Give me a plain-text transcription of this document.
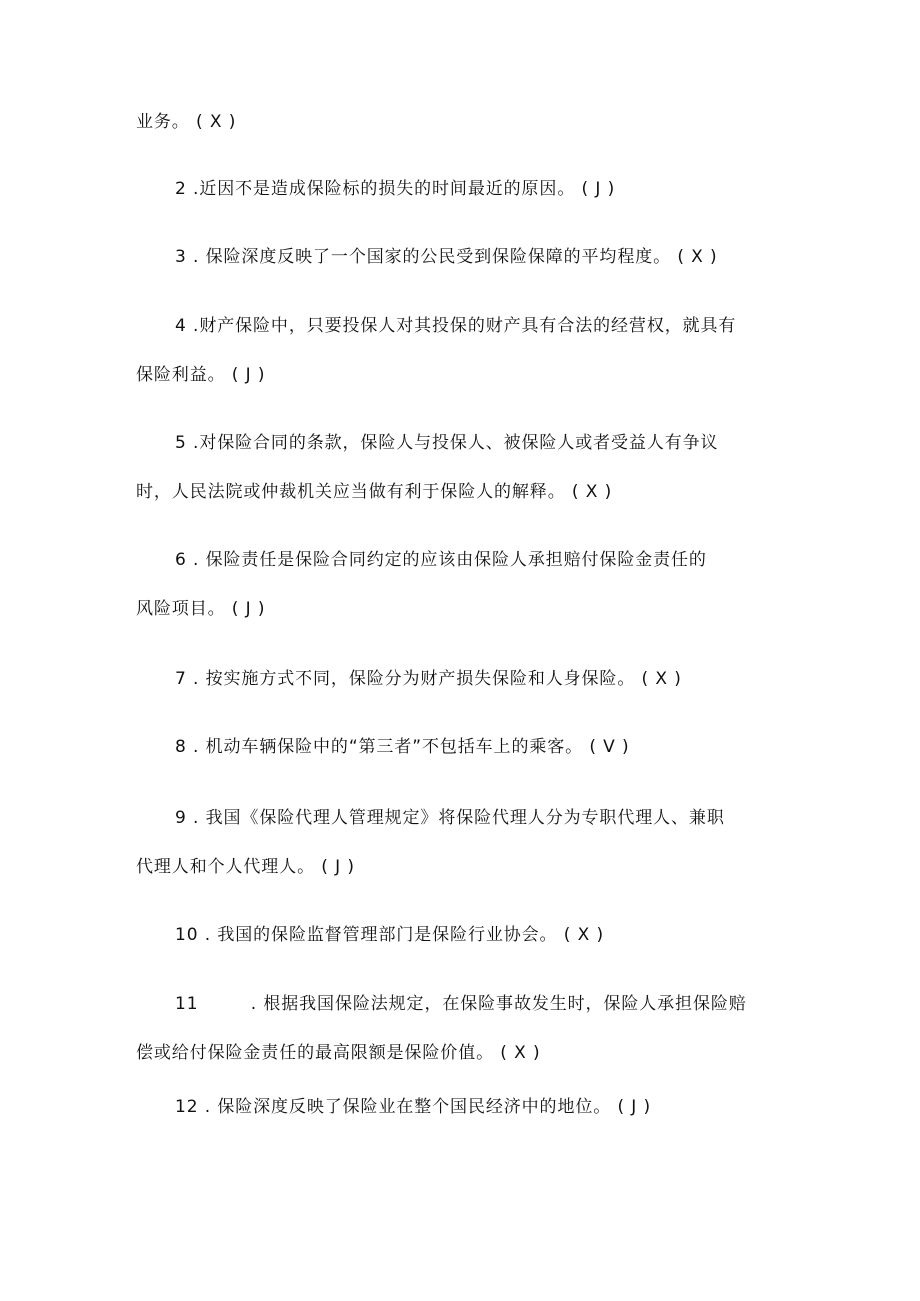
业务。 ( X )
2 .近因不是造成保险标的损失的时间最近的原因。 ( J )
3 . 保险深度反映了一个国家的公民受到保险保障的平均程度。 ( X )
4 .财产保险中，只要投保人对其投保的财产具有合法的经营权，就具有
保险利益。 ( J )
5 .对保险合同的条款，保险人与投保人、被保险人或者受益人有争议
时，人民法院或仲裁机关应当做有利于保险人的解释。 ( X )
6 . 保险责任是保险合同约定的应该由保险人承担赔付保险金责任的
风险项目。 ( J )
7 . 按实施方式不同，保险分为财产损失保险和人身保险。 ( X )
8 . 机动车辆保险中的“第三者”不包括车上的乘客。 ( V )
9 . 我国《保险代理人管理规定》将保险代理人分为专职代理人、兼职
代理人和个人代理人。 ( J )
10 . 我国的保险监督管理部门是保险行业协会。 ( X )
11	. 根据我国保险法规定，在保险事故发生时，保险人承担保险赔
偿或给付保险金责任的最高限额是保险价值。 ( X )
12 . 保险深度反映了保险业在整个国民经济中的地位。 ( J )
